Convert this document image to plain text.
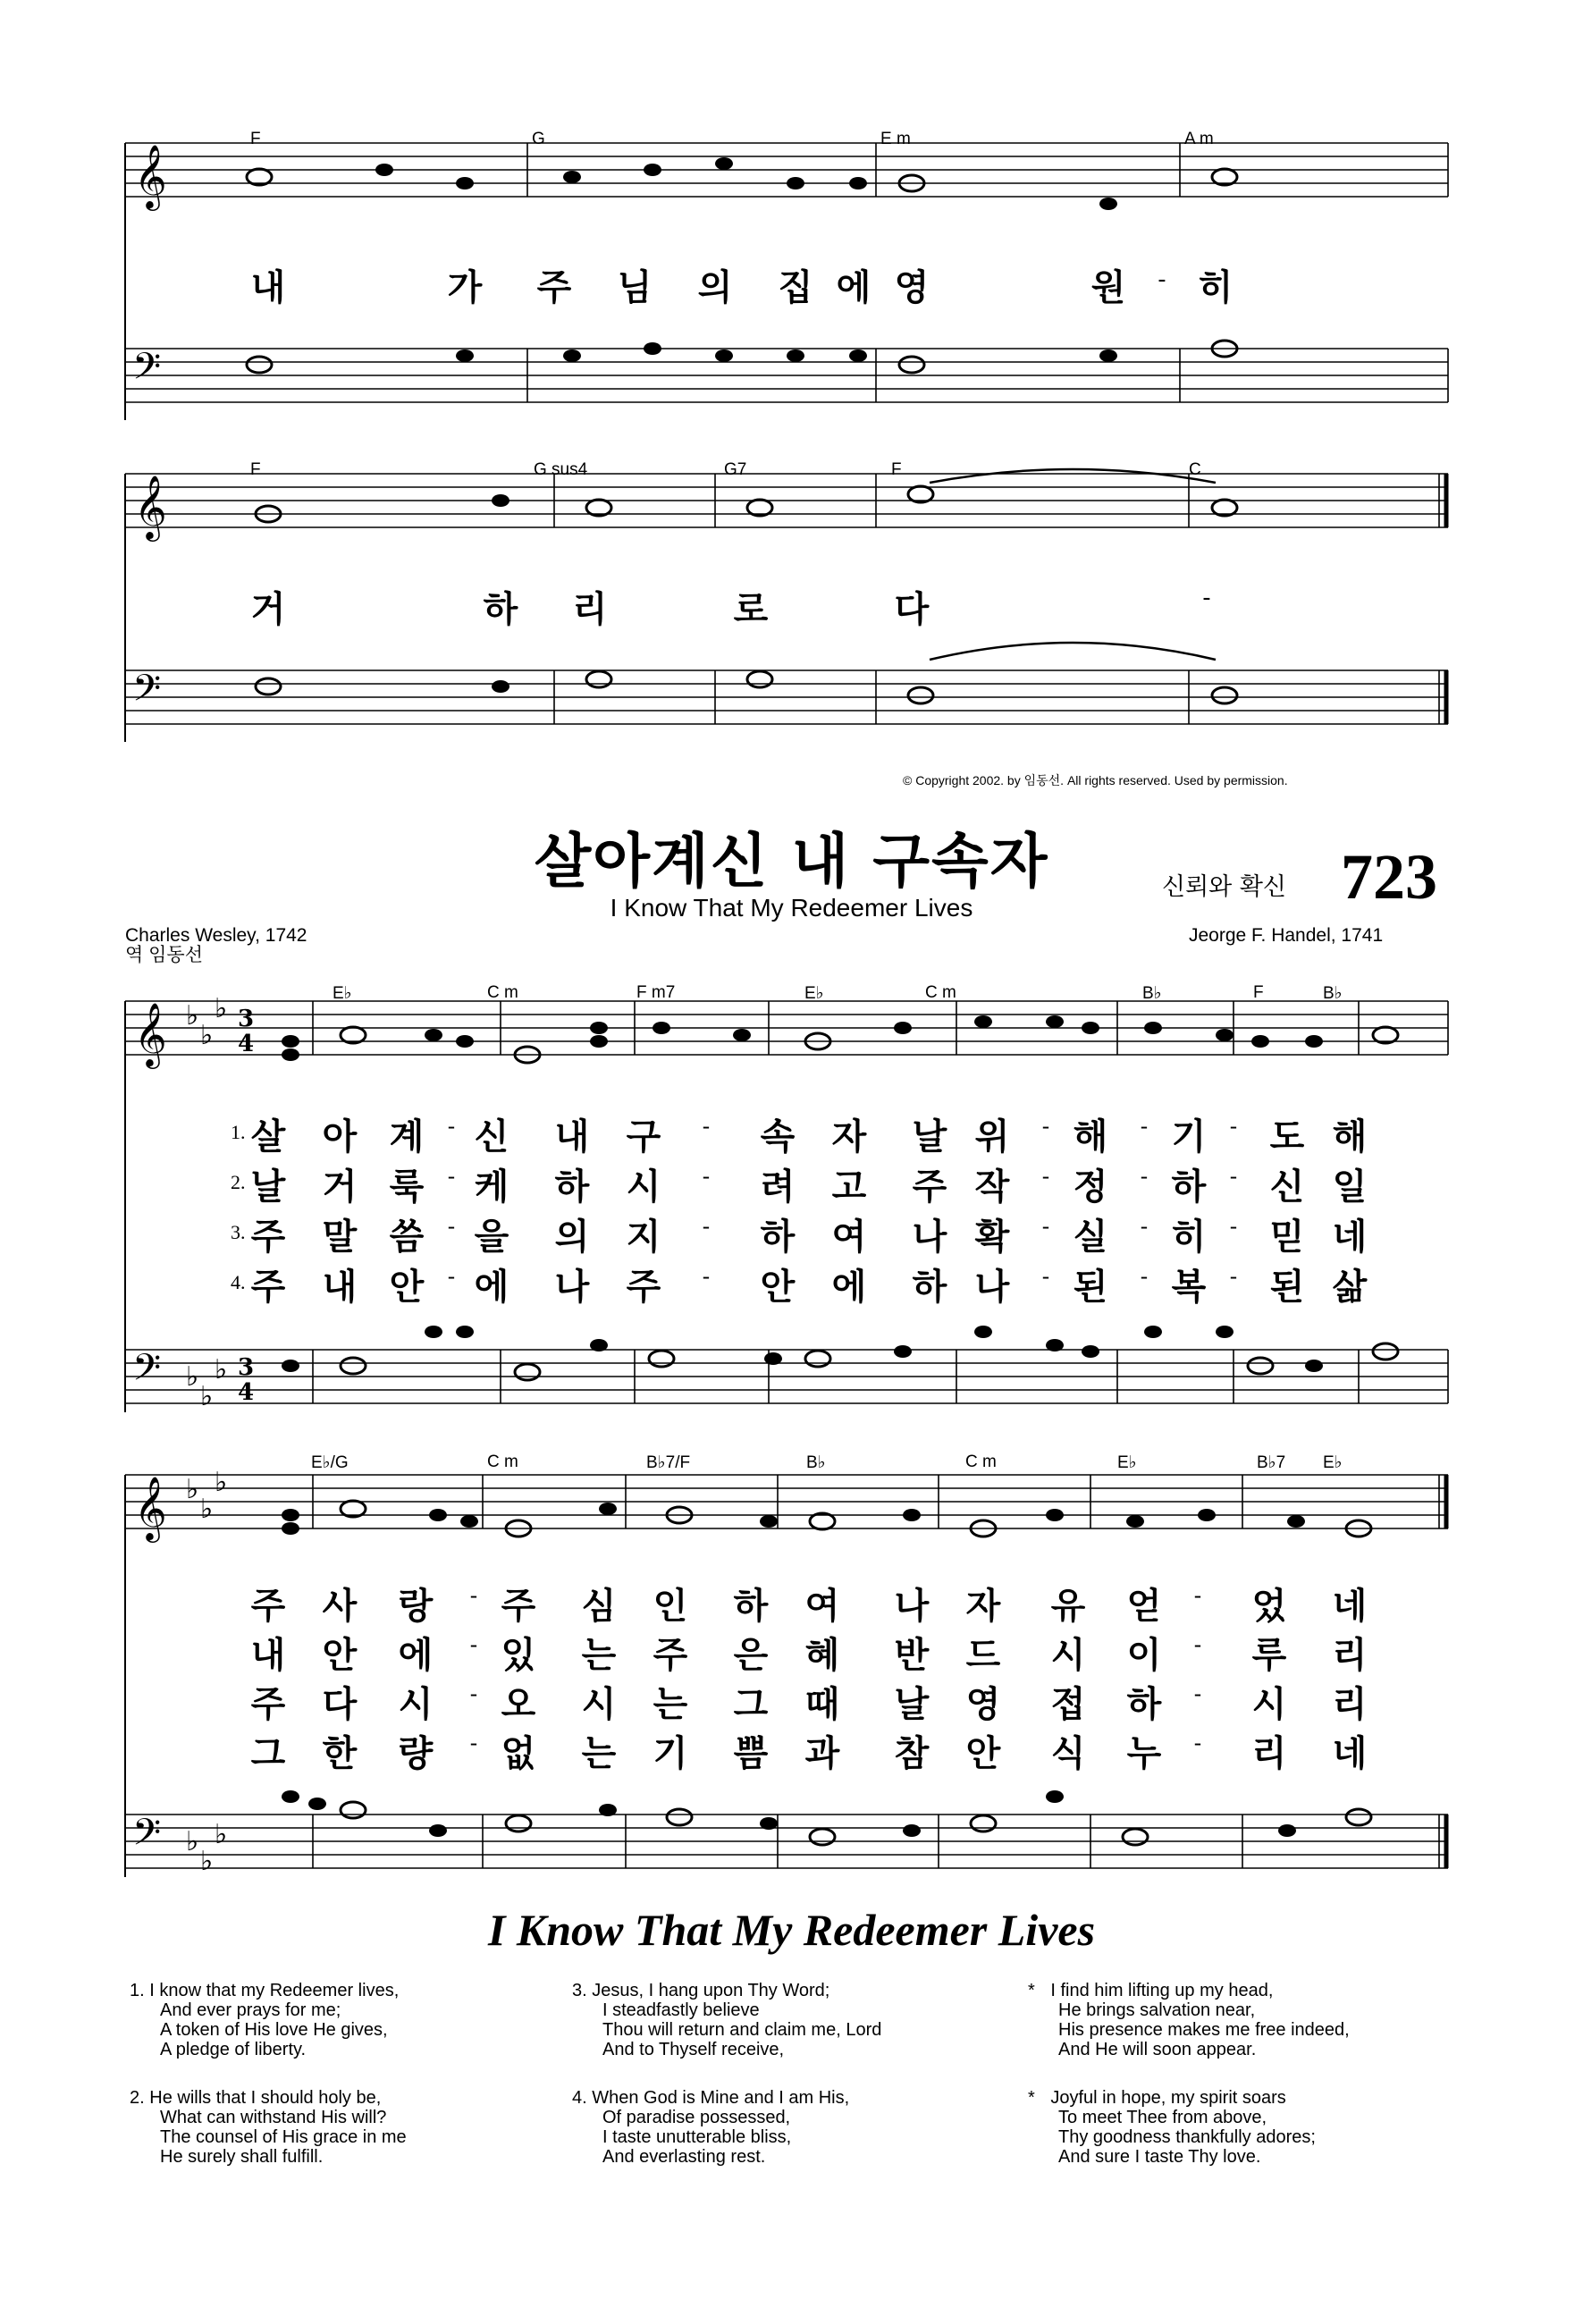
𝄞
𝄢
F	G	E m	A m
내	가 주 님 의 집 에 영	원 - 히
𝄞
𝄢
F	G sus4	G7	F	C
거	하 리	로	다	-
© Copyright 2002. by 임동선. All rights reserved. Used by permission.
살아계신 내 구속자
I Know That My Redeemer Lives
신뢰와 확신 723
Charles Wesley, 1742
역 임동선
Jeorge F. Handel, 1741
𝄞 ♭
♭
♭ 3
4
𝄢 ♭
♭
♭ 3
4
E♭	C m	F m7	E♭	C m	B♭	F	B♭
1. 살 아 계 - 신 내 구 - 속 자 날 위 - 해 - 기 - 도 해
2. 날 거 룩 - 케 하 시 - 려 고 주 작 - 정 - 하 - 신 일
3. 주 말 씀 - 을 의 지 - 하 여 나 확 - 실 - 히 - 믿 네
4. 주 내 안 - 에 나 주 - 안 에 하 나 - 된 - 복 - 된 삶
𝄞 ♭
♭
♭
𝄢 ♭
♭
♭
E♭/G	C m	B♭7/F	B♭	C m	E♭	B♭7 E♭
주 사 랑 - 주 심 인 하 여 나 자 유 얻 - 었 네
내 안 에 - 있 는 주 은 혜 반 드 시 이 - 루 리
주 다 시 - 오 시 는 그 때 날 영 접 하 - 시 리
그 한 량 - 없 는 기 쁨 과 참 안 식 누 - 리 네
I Know That My Redeemer Lives
1. I know that my Redeemer lives,
And ever prays for me;
A token of His love He gives,
A pledge of liberty.
2. He wills that I should holy be,
What can withstand His will?
The counsel of His grace in me
He surely shall fulfill.
3. Jesus, I hang upon Thy Word;
I steadfastly believe
Thou will return and claim me, Lord
And to Thyself receive,
4. When God is Mine and I am His,
Of paradise possessed,
I taste unutterable bliss,
And everlasting rest.
* I find him lifting up my head,
He brings salvation near,
His presence makes me free indeed,
And He will soon appear.
* Joyful in hope, my spirit soars
To meet Thee from above,
Thy goodness thankfully adores;
And sure I taste Thy love.
